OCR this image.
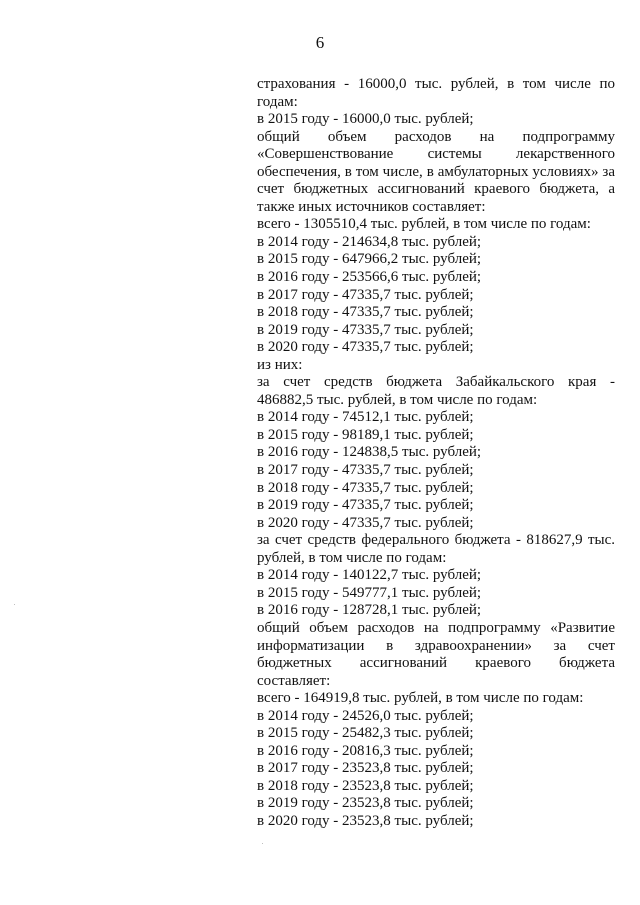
6
страхования - 16000,0 тыс. рублей, в том числе по
годам:
в 2015 году - 16000,0 тыс. рублей;
общий объем расходов на подпрограмму
«Совершенствование системы лекарственного
обеспечения, в том числе, в амбулаторных условиях» за
счет бюджетных ассигнований краевого бюджета, а
также иных источников составляет:
всего - 1305510,4 тыс. рублей, в том числе по годам:
в 2014 году - 214634,8 тыс. рублей;
в 2015 году - 647966,2 тыс. рублей;
в 2016 году - 253566,6 тыс. рублей;
в 2017 году - 47335,7 тыс. рублей;
в 2018 году - 47335,7 тыс. рублей;
в 2019 году - 47335,7 тыс. рублей;
в 2020 году - 47335,7 тыс. рублей;
из них:
за счет средств бюджета Забайкальского края -
486882,5 тыс. рублей, в том числе по годам:
в 2014 году - 74512,1 тыс. рублей;
в 2015 году - 98189,1 тыс. рублей;
в 2016 году - 124838,5 тыс. рублей;
в 2017 году - 47335,7 тыс. рублей;
в 2018 году - 47335,7 тыс. рублей;
в 2019 году - 47335,7 тыс. рублей;
в 2020 году - 47335,7 тыс. рублей;
за счет средств федерального бюджета - 818627,9 тыс.
рублей, в том числе по годам:
в 2014 году - 140122,7 тыс. рублей;
в 2015 году - 549777,1 тыс. рублей;
в 2016 году - 128728,1 тыс. рублей;
общий объем расходов на подпрограмму «Развитие
информатизации в здравоохранении» за счет
бюджетных ассигнований краевого бюджета
составляет:
всего - 164919,8 тыс. рублей, в том числе по годам:
в 2014 году - 24526,0 тыс. рублей;
в 2015 году - 25482,3 тыс. рублей;
в 2016 году - 20816,3 тыс. рублей;
в 2017 году - 23523,8 тыс. рублей;
в 2018 году - 23523,8 тыс. рублей;
в 2019 году - 23523,8 тыс. рублей;
в 2020 году - 23523,8 тыс. рублей;
